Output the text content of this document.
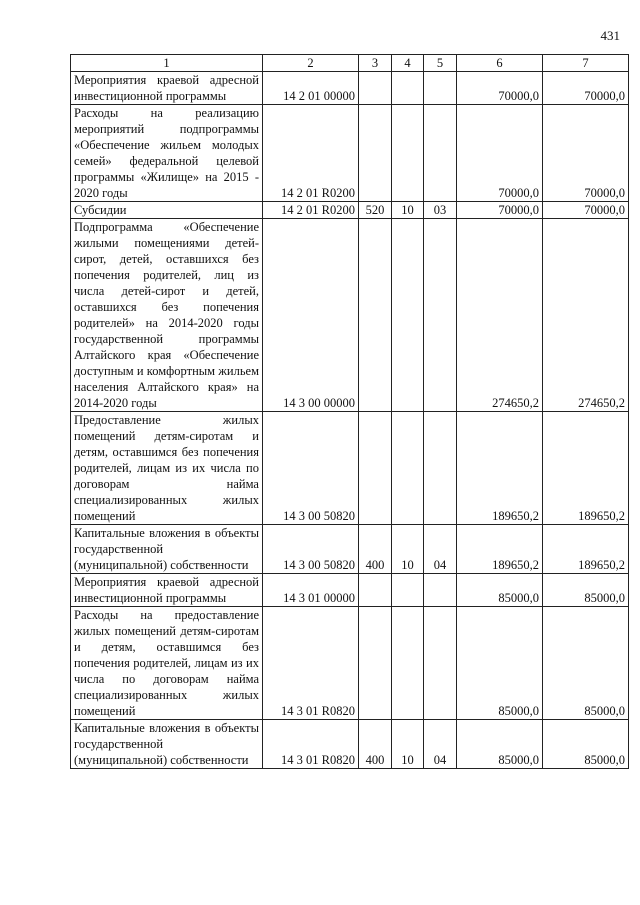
431
1	2	3	4	5	6	7
Мероприятия краевой адресной инвестиционной программы	14 2 01 00000				70000,0	70000,0
Расходы на реализацию мероприятий подпрограммы «Обеспечение жильем молодых семей» федеральной целевой программы «Жилище» на 2015 - 2020 годы	14 2 01 R0200				70000,0	70000,0
Субсидии	14 2 01 R0200	520	10	03	70000,0	70000,0
Подпрограмма «Обеспечение жилыми помещениями детей-сирот, детей, оставшихся без попечения родителей, лиц из числа детей-сирот и детей, оставшихся без попечения родителей» на 2014-2020 годы государственной программы Алтайского края «Обеспечение доступным и комфортным жильем населения Алтайского края» на 2014-2020 годы	14 3 00 00000				274650,2	274650,2
Предоставление жилых помещений детям-сиротам и детям, оставшимся без попечения родителей, лицам из их числа по договорам найма специализированных жилых помещений	14 3 00 50820				189650,2	189650,2
Капитальные вложения в объекты государственной (муниципальной) собственности	14 3 00 50820	400	10	04	189650,2	189650,2
Мероприятия краевой адресной инвестиционной программы	14 3 01 00000				85000,0	85000,0
Расходы на предоставление жилых помещений детям-сиротам и детям, оставшимся без попечения родителей, лицам из их числа по договорам найма специализированных жилых помещений	14 3 01 R0820				85000,0	85000,0
Капитальные вложения в объекты государственной (муниципальной) собственности	14 3 01 R0820	400	10	04	85000,0	85000,0
